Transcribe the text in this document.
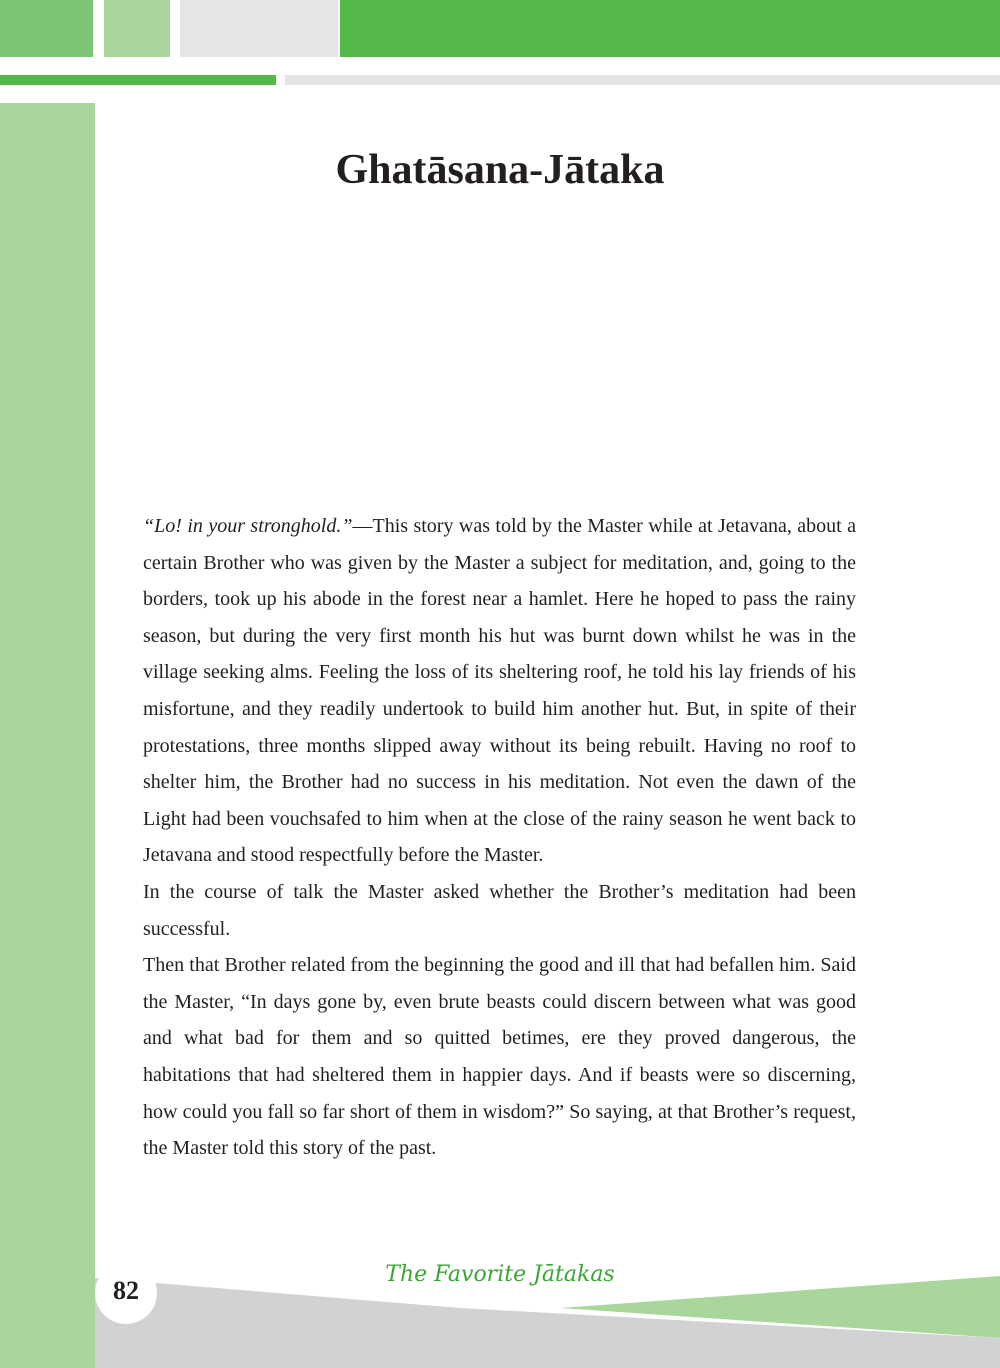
Ghatāsana-Jātaka

“Lo! in your stronghold.”—This story was told by the Master while at Jetavana, about a certain Brother who was given by the Master a subject for meditation, and, going to the borders, took up his abode in the forest near a hamlet. Here he hoped to pass the rainy season, but during the very first month his hut was burnt down whilst he was in the village seeking alms. Feeling the loss of its sheltering roof, he told his lay friends of his misfortune, and they readily undertook to build him another hut. But, in spite of their protestations, three months slipped away without its being rebuilt. Having no roof to shelter him, the Brother had no success in his meditation. Not even the dawn of the Light had been vouchsafed to him when at the close of the rainy season he went back to Jetavana and stood respectfully before the Master.

In the course of talk the Master asked whether the Brother’s meditation had been successful.

Then that Brother related from the beginning the good and ill that had befallen him. Said the Master, “In days gone by, even brute beasts could discern between what was good and what bad for them and so quitted betimes, ere they proved dangerous, the habitations that had sheltered them in happier days. And if beasts were so discerning, how could you fall so far short of them in wisdom?” So saying, at that Brother’s request, the Master told this story of the past.

The Favorite Jātakas
82
